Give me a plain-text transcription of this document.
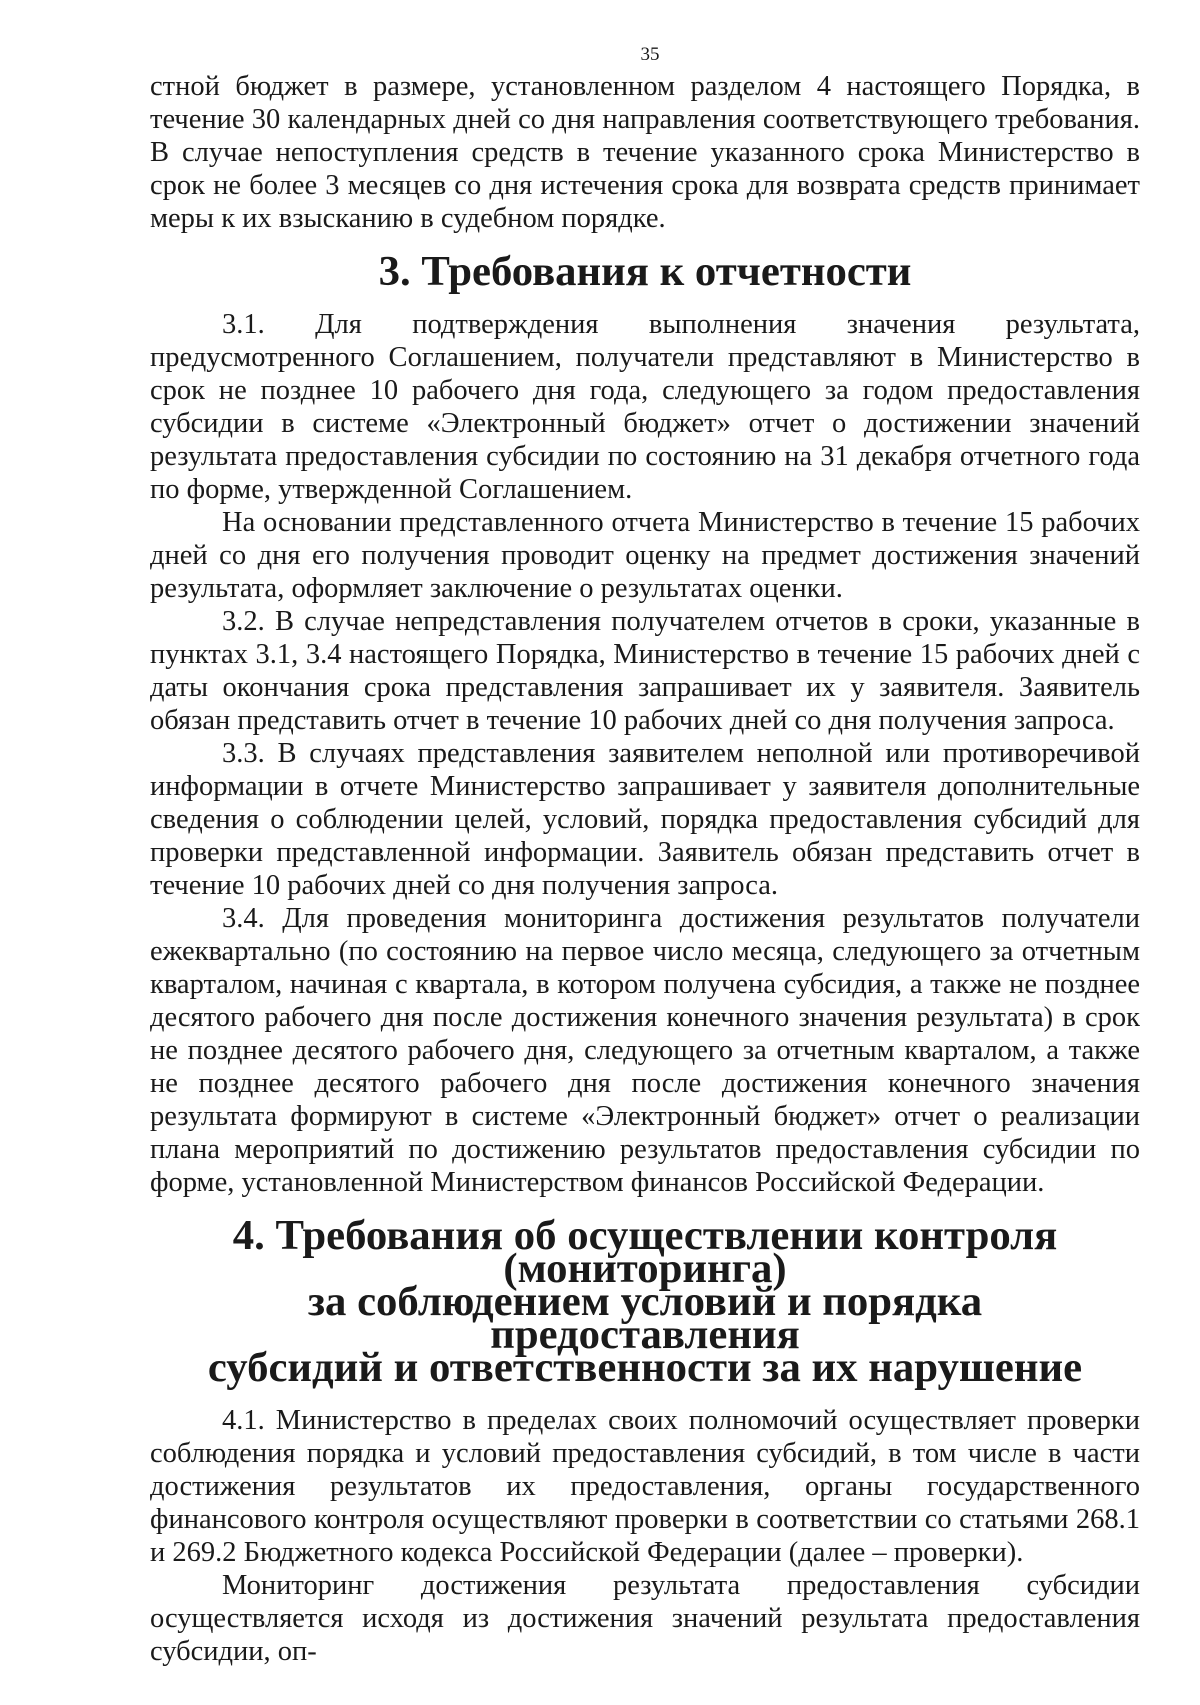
35

стной бюджет в размере, установленном разделом 4 настоящего Порядка, в течение 30 календарных дней со дня направления соответствующего требования. В случае непоступления средств в течение указанного срока Министерство в срок не более 3 месяцев со дня истечения срока для возврата средств принимает меры к их взысканию в судебном порядке.

3. Требования к отчетности

3.1. Для подтверждения выполнения значения результата, предусмотренного Соглашением, получатели представляют в Министерство в срок не позднее 10 рабочего дня года, следующего за годом предоставления субсидии в системе «Электронный бюджет» отчет о достижении значений результата предоставления субсидии по состоянию на 31 декабря отчетного года по форме, утвержденной Соглашением.

На основании представленного отчета Министерство в течение 15 рабочих дней со дня его получения проводит оценку на предмет достижения значений результата, оформляет заключение о результатах оценки.

3.2. В случае непредставления получателем отчетов в сроки, указанные в пунктах 3.1, 3.4 настоящего Порядка, Министерство в течение 15 рабочих дней с даты окончания срока представления запрашивает их у заявителя. Заявитель обязан представить отчет в течение 10 рабочих дней со дня получения запроса.

3.3. В случаях представления заявителем неполной или противоречивой информации в отчете Министерство запрашивает у заявителя дополнительные сведения о соблюдении целей, условий, порядка предоставления субсидий для проверки представленной информации. Заявитель обязан представить отчет в течение 10 рабочих дней со дня получения запроса.

3.4. Для проведения мониторинга достижения результатов получатели ежеквартально (по состоянию на первое число месяца, следующего за отчетным кварталом, начиная с квартала, в котором получена субсидия, а также не позднее десятого рабочего дня после достижения конечного значения результата) в срок не позднее десятого рабочего дня, следующего за отчетным кварталом, а также не позднее десятого рабочего дня после достижения конечного значения результата формируют в системе «Электронный бюджет» отчет о реализации плана мероприятий по достижению результатов предоставления субсидии по форме, установленной Министерством финансов Российской Федерации.

4. Требования об осуществлении контроля (мониторинга)
за соблюдением условий и порядка предоставления
субсидий и ответственности за их нарушение

4.1. Министерство в пределах своих полномочий осуществляет проверки соблюдения порядка и условий предоставления субсидий, в том числе в части достижения результатов их предоставления, органы государственного финансового контроля осуществляют проверки в соответствии со статьями 268.1 и 269.2 Бюджетного кодекса Российской Федерации (далее – проверки).

Мониторинг достижения результата предоставления субсидии осуществляется исходя из достижения значений результата предоставления субсидии, оп-
